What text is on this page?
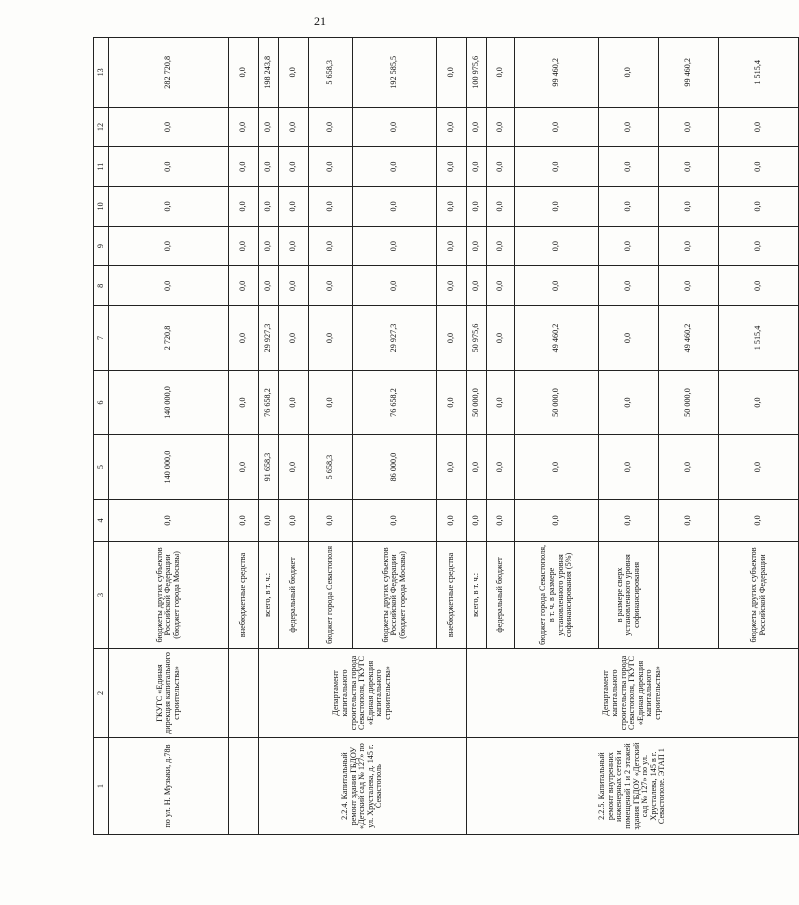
21
1	2	3	4	5	6	7	8	9	10	11	12	13
по ул. Н. Музыки, д.78в	ГКУГС «Единая дирекция капитального строительства»	бюджеты других субъектов Российской Федерации (бюджет города Москвы)	0,0	140 000,0	140 000,0	2 720,8	0,0	0,0	0,0	0,0	0,0	282 720,8
		внебюджетные средства	0,0	0,0	0,0	0,0	0,0	0,0	0,0	0,0	0,0	0,0
2.2.4. Капитальный ремонт здания ГБДОУ «Детский сад № 127» по ул. Хрусталева, д. 145 г. Севастополь	Департамент капитального строительства города Севастополя, ГКУГС «Единая дирекция капитального строительства»	всего, в т. ч.:	0,0	91 658,3	76 658,2	29 927,3	0,0	0,0	0,0	0,0	0,0	198 243,8
		федеральный бюджет	0,0	0,0	0,0	0,0	0,0	0,0	0,0	0,0	0,0	0,0
		бюджет города Севастополя	0,0	5 658,3	0,0	0,0	0,0	0,0	0,0	0,0	0,0	5 658,3
		бюджеты других субъектов Российской Федерации (бюджет города Москвы)	0,0	86 000,0	76 658,2	29 927,3	0,0	0,0	0,0	0,0	0,0	192 585,5
		внебюджетные средства	0,0	0,0	0,0	0,0	0,0	0,0	0,0	0,0	0,0	0,0
2.2.5. Капитальный ремонт внутренних инженерных сетей и помещений 1 и 2 этажей здания ГБДОУ «Детский сад № 127» по ул. Хрусталева, 145 в г. Севастополе. ЭТАП 1	Департамент капитального строительства города Севастополя, ГКУГС «Единая дирекция капитального строительства»	всего, в т. ч.:	0,0	0,0	50 000,0	50 975,6	0,0	0,0	0,0	0,0	0,0	100 975,6
		федеральный бюджет	0,0	0,0	0,0	0,0	0,0	0,0	0,0	0,0	0,0	0,0
		бюджет города Севастополя, в т. ч. в размере установленного уровня софинансирования (5%)	0,0	0,0	50 000,0	49 460,2	0,0	0,0	0,0	0,0	0,0	99 460,2
		в размере сверх установленного уровня софинансирования	0,0	0,0	0,0	0,0	0,0	0,0	0,0	0,0	0,0	0,0
			0,0	0,0	50 000,0	49 460,2	0,0	0,0	0,0	0,0	0,0	99 460,2
		бюджеты других субъектов Российской Федерации	0,0	0,0	0,0	1 515,4	0,0	0,0	0,0	0,0	0,0	1 515,4
